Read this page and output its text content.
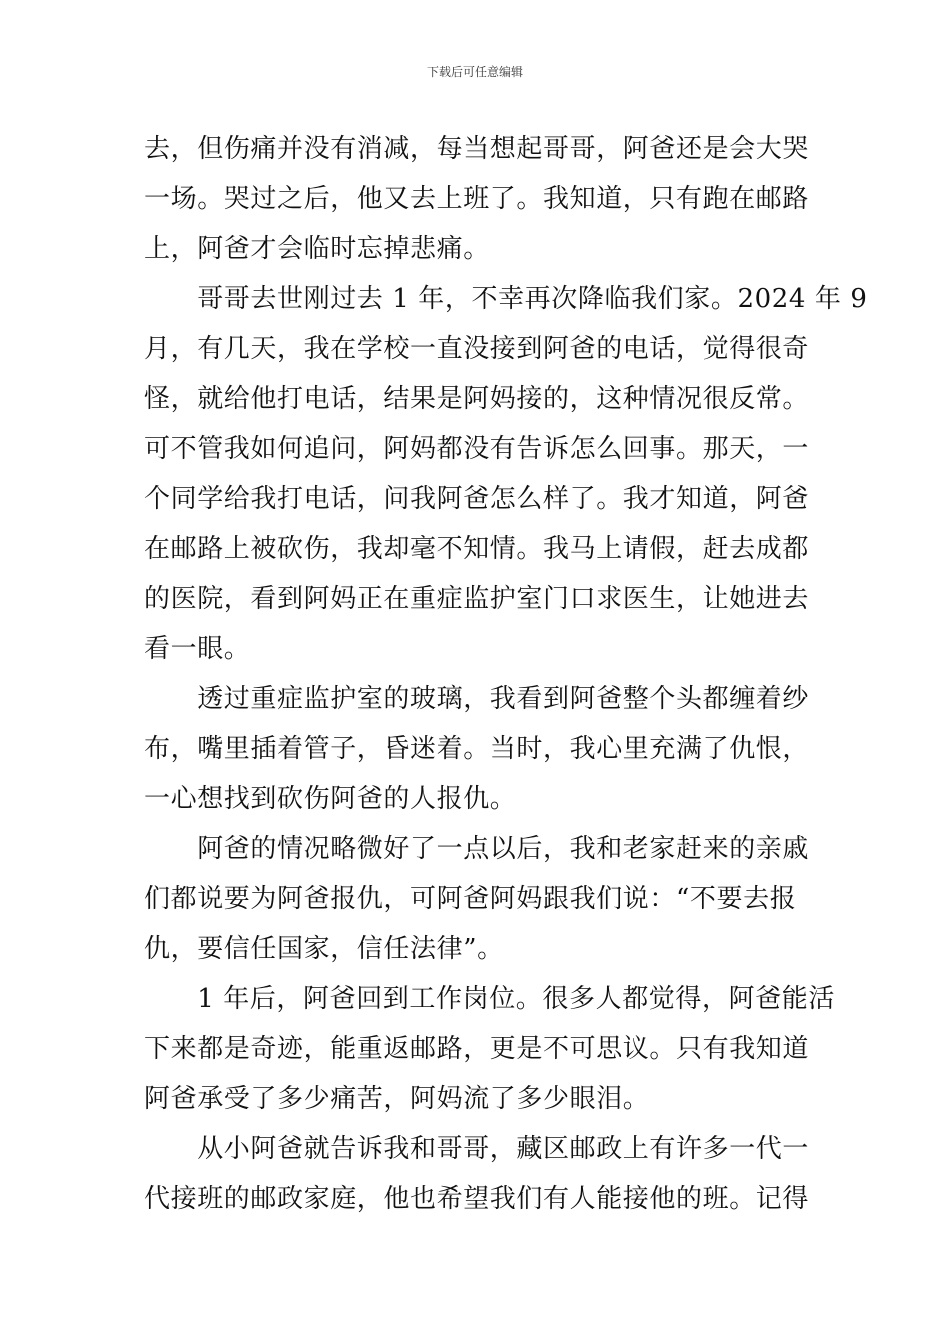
下载后可任意编辑
去，但伤痛并没有消减，每当想起哥哥，阿爸还是会大哭
一场。哭过之后，他又去上班了。我知道，只有跑在邮路
上，阿爸才会临时忘掉悲痛。
　　哥哥去世刚过去 1 年，不幸再次降临我们家。2024 年 9
月，有几天，我在学校一直没接到阿爸的电话，觉得很奇
怪，就给他打电话，结果是阿妈接的，这种情况很反常。
可不管我如何追问，阿妈都没有告诉怎么回事。那天，一
个同学给我打电话，问我阿爸怎么样了。我才知道，阿爸
在邮路上被砍伤，我却毫不知情。我马上请假，赶去成都
的医院，看到阿妈正在重症监护室门口求医生，让她进去
看一眼。
　　透过重症监护室的玻璃，我看到阿爸整个头都缠着纱
布，嘴里插着管子，昏迷着。当时，我心里充满了仇恨，
一心想找到砍伤阿爸的人报仇。
　　阿爸的情况略微好了一点以后，我和老家赶来的亲戚
们都说要为阿爸报仇，可阿爸阿妈跟我们说：“不要去报
仇，要信任国家，信任法律”。
　　1 年后，阿爸回到工作岗位。很多人都觉得，阿爸能活
下来都是奇迹，能重返邮路，更是不可思议。只有我知道
阿爸承受了多少痛苦，阿妈流了多少眼泪。
　　从小阿爸就告诉我和哥哥，藏区邮政上有许多一代一
代接班的邮政家庭，他也希望我们有人能接他的班。记得
